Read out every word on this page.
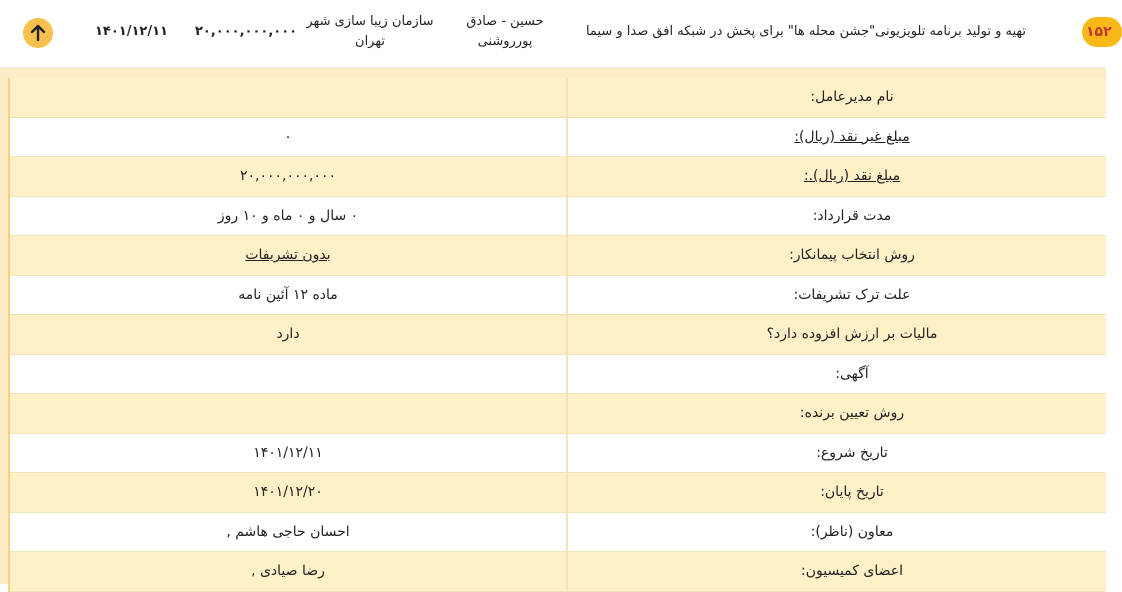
۱۵۲
تهیه و تولید برنامه تلویزیونی"جشن محله ها" برای پخش در شبکه افق صدا و سیما
حسین - صادق
پورروشنی
سازمان زیبا سازی شهر
تهران
۲۰,۰۰۰,۰۰۰,۰۰۰
۱۴۰۱/۱۲/۱۱
نام مدیرعامل:
۰	مبلغ غیر نقد (ریال):
۲۰,۰۰۰,۰۰۰,۰۰۰	مبلغ نقد (ریال).:
۰ سال و ۰ ماه و ۱۰ روز	مدت قرارداد:
بدون تشریفات	روش انتخاب پیمانکار:
ماده ۱۲ آئین نامه	علت ترک تشریفات:
دارد	مالیات بر ارزش افزوده دارد؟
آگهی:
روش تعیین برنده:
۱۴۰۱/۱۲/۱۱	تاریخ شروع:
۱۴۰۱/۱۲/۲۰	تاریخ پایان:
احسان حاجی هاشم ,	معاون (ناظر):
رضا صیادی ,	اعضای کمیسیون:
